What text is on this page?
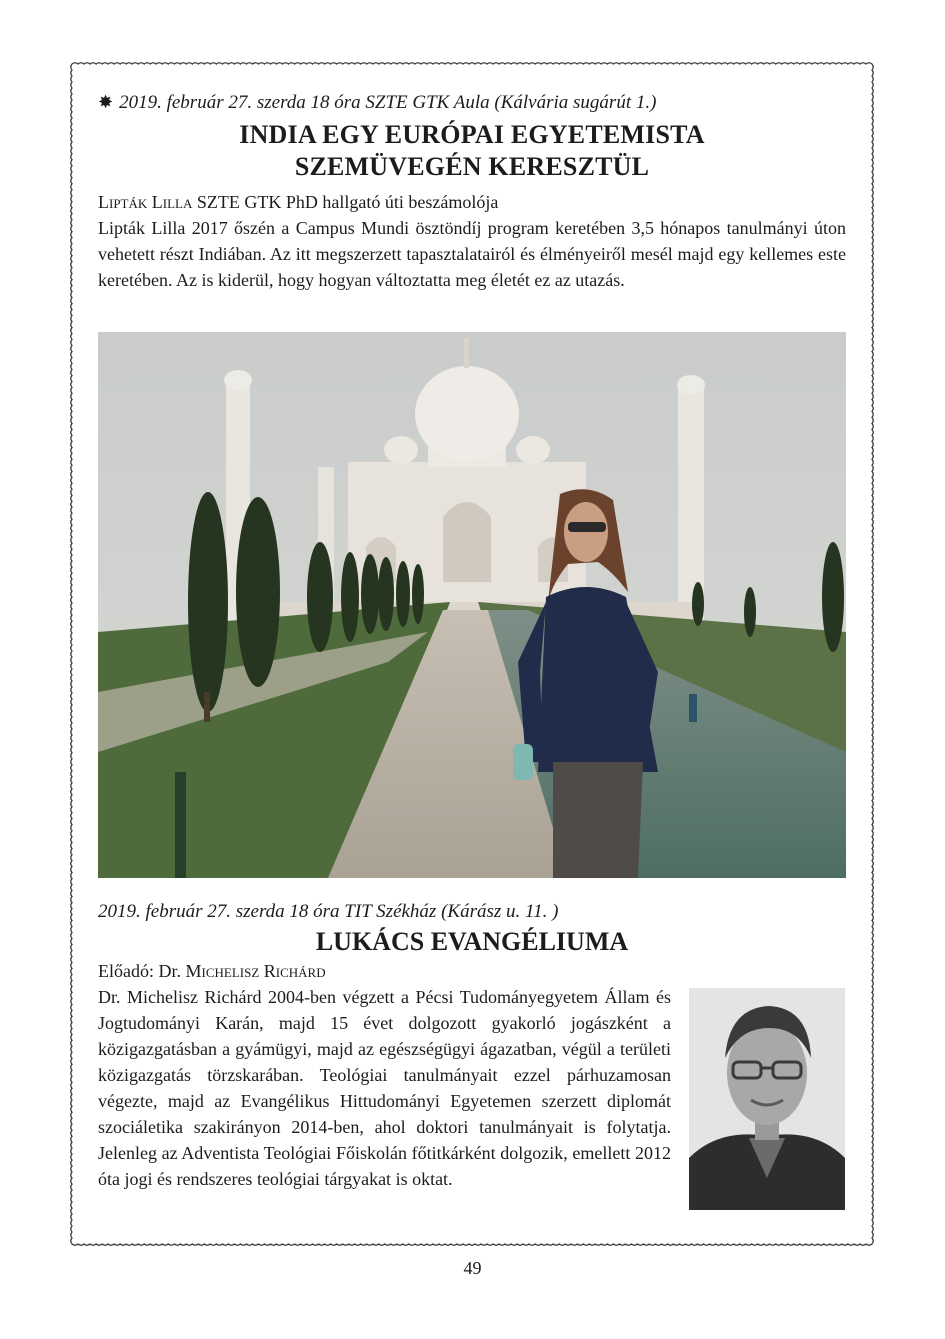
✸ 2019. február 27. szerda 18 óra SZTE GTK Aula (Kálvária sugárút 1.)

INDIA EGY EURÓPAI EGYETEMISTA
SZEMÜVEGÉN KERESZTÜL

Lipták Lilla SZTE GTK PhD hallgató úti beszámolója

Lipták Lilla 2017 őszén a Campus Mundi ösztöndíj program keretében 3,5 hónapos tanulmányi úton vehetett részt Indiában. Az itt megszerzett tapasztalatairól és élményeiről mesél majd egy kellemes este keretében. Az is kiderül, hogy hogyan változtatta meg életét ez az utazás.

2019. február 27. szerda 18 óra TIT Székház (Kárász u. 11. )

LUKÁCS EVANGÉLIUMA

Előadó: Dr. Michelisz Richárd

Dr. Michelisz Richárd 2004-ben végzett a Pécsi Tudományegyetem Állam és Jogtudományi Karán, majd 15 évet dolgozott gyakorló jogászként a közigazgatásban a gyámügyi, majd az egészségügyi ágazatban, végül a területi közigazgatás törzskarában. Teológiai tanulmányait ezzel párhuzamosan végezte, majd az Evangélikus Hittudományi Egyetemen szerzett diplomát szociáletika szakirányon 2014-ben, ahol doktori tanulmányait is folytatja. Jelenleg az Adventista Teológiai Főiskolán főtitkárként dolgozik, emellett 2012 óta jogi és rendszeres teológiai tárgyakat is oktat.

49
